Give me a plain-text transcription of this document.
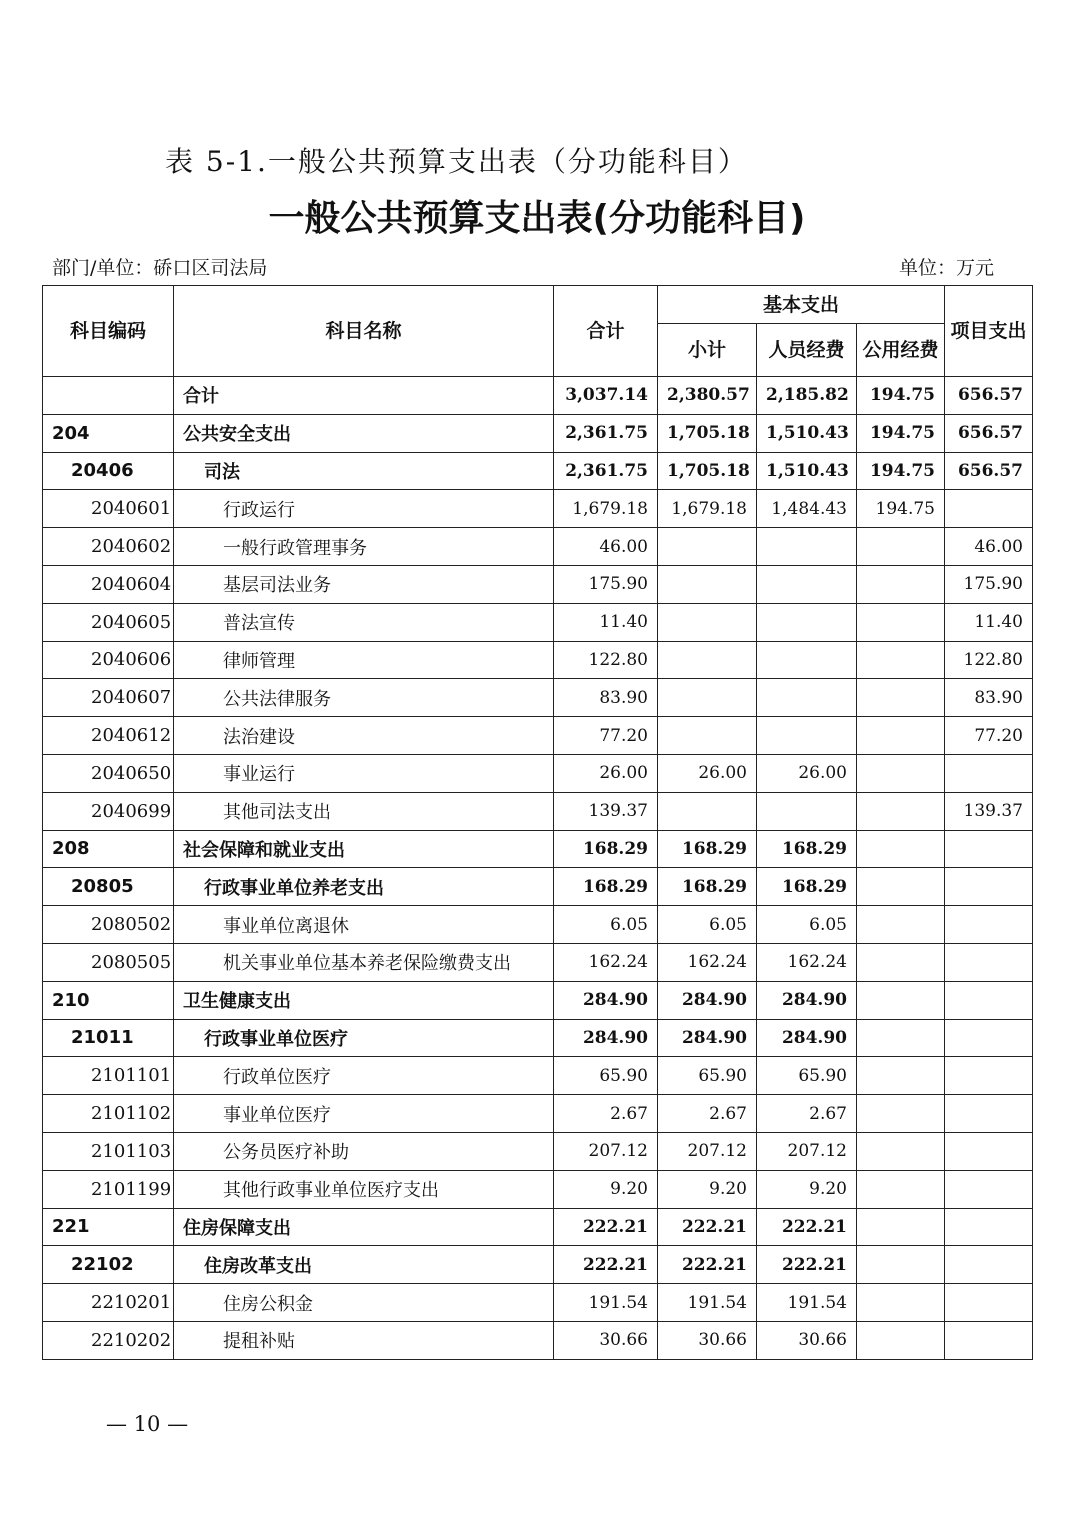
表 5-1.一般公共预算支出表（分功能科目）
一般公共预算支出表(分功能科目)
部门/单位：硚口区司法局	单位：万元
科目编码	科目名称	合计	基本支出			项目支出
			小计	人员经费	公用经费	
	合计	3,037.14	2,380.57	2,185.82	194.75	656.57
204	公共安全支出	2,361.75	1,705.18	1,510.43	194.75	656.57
20406	司法	2,361.75	1,705.18	1,510.43	194.75	656.57
2040601	行政运行	1,679.18	1,679.18	1,484.43	194.75	
2040602	一般行政管理事务	46.00				46.00
2040604	基层司法业务	175.90				175.90
2040605	普法宣传	11.40				11.40
2040606	律师管理	122.80				122.80
2040607	公共法律服务	83.90				83.90
2040612	法治建设	77.20				77.20
2040650	事业运行	26.00	26.00	26.00		
2040699	其他司法支出	139.37				139.37
208	社会保障和就业支出	168.29	168.29	168.29		
20805	行政事业单位养老支出	168.29	168.29	168.29		
2080502	事业单位离退休	6.05	6.05	6.05		
2080505	机关事业单位基本养老保险缴费支出	162.24	162.24	162.24		
210	卫生健康支出	284.90	284.90	284.90		
21011	行政事业单位医疗	284.90	284.90	284.90		
2101101	行政单位医疗	65.90	65.90	65.90		
2101102	事业单位医疗	2.67	2.67	2.67		
2101103	公务员医疗补助	207.12	207.12	207.12		
2101199	其他行政事业单位医疗支出	9.20	9.20	9.20		
221	住房保障支出	222.21	222.21	222.21		
22102	住房改革支出	222.21	222.21	222.21		
2210201	住房公积金	191.54	191.54	191.54		
2210202	提租补贴	30.66	30.66	30.66		
— 10 —
